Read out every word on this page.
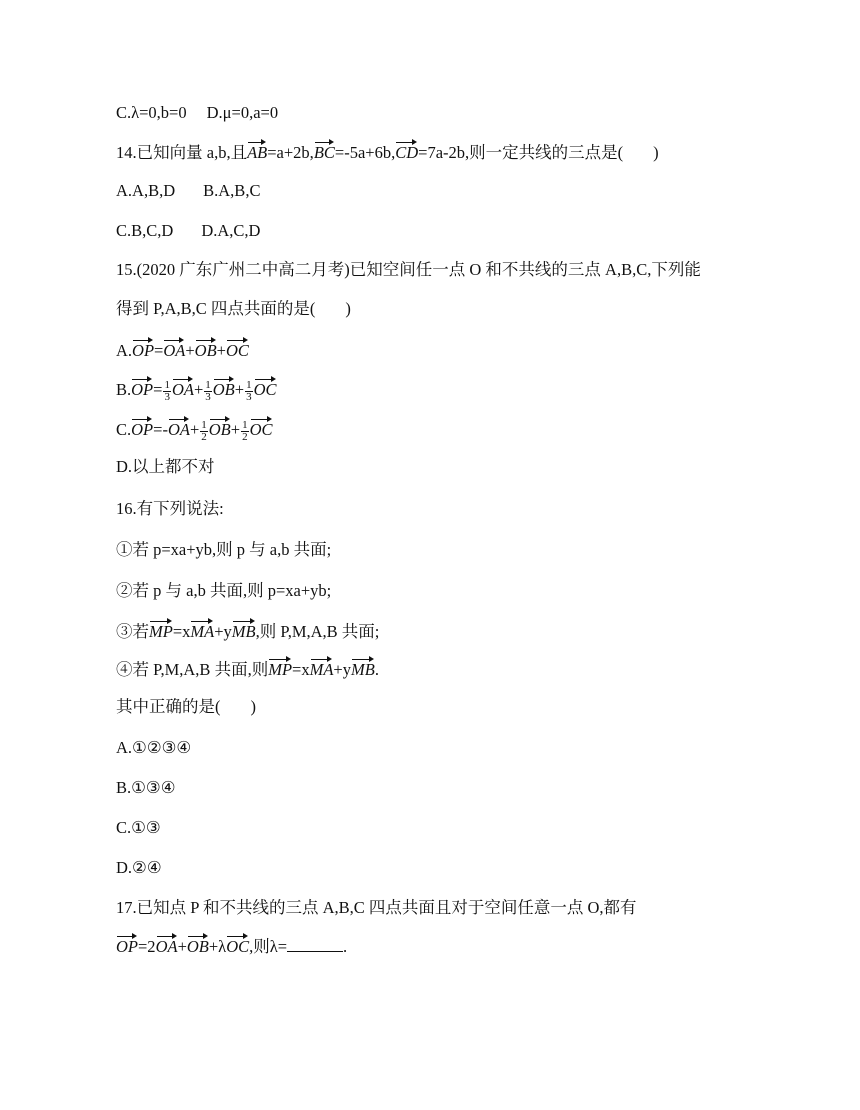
C.λ=0,b=0 D.μ=0,a=0
14.已知向量 a,b,且AB=a+2b,BC=-5a+6b,CD=7a-2b,则一定共线的三点是( )
A.A,B,D B.A,B,C
C.B,C,D D.A,C,D
15.(2020 广东广州二中高二月考)已知空间任一点 O 和不共线的三点 A,B,C,下列能
得到 P,A,B,C 四点共面的是( )
A.OP=OA+OB+OC
$B.OP= \frac{1}{3} OA+ \frac{1}{3} OB+ \frac{1}{3}$ OC
$C.OP=-OA+ \frac{1}{2} OB+ \frac{1}{2}$ OC
D.以上都不对
16.有下列说法:
①若 p=xa+yb,则 p 与 a,b 共面;
②若 p 与 a,b 共面,则 p=xa+yb;
③若MP=xMA+yMB,则 P,M,A,B 共面;
④若 P,M,A,B 共面,则MP=xMA+yMB.
其中正确的是( )
A.①②③④
B.①③④
C.①③
D.②④
17.已知点 P 和不共线的三点 A,B,C 四点共面且对于空间任意一点 O,都有
OP=2OA+OB+λOC,则λ=	.
